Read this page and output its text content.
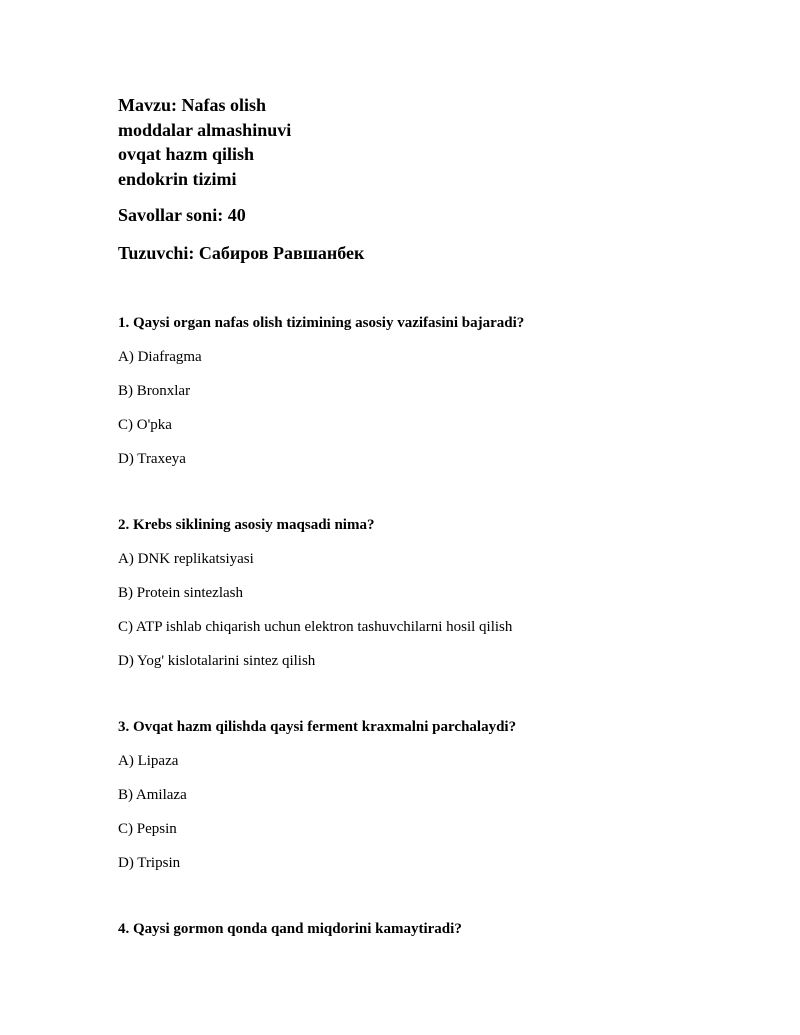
Mavzu: Nafas olish
moddalar almashinuvi
ovqat hazm qilish
endokrin tizimi
Savollar soni: 40
Tuzuvchi: Сабиров Равшанбек
1. Qaysi organ nafas olish tizimining asosiy vazifasini bajaradi?
A) Diafragma
B) Bronxlar
C) O'pka
D) Traxeya
2. Krebs siklining asosiy maqsadi nima?
A) DNK replikatsiyasi
B) Protein sintezlash
C) ATP ishlab chiqarish uchun elektron tashuvchilarni hosil qilish
D) Yog' kislotalarini sintez qilish
3. Ovqat hazm qilishda qaysi ferment kraxmalni parchalaydi?
A) Lipaza
B) Amilaza
C) Pepsin
D) Tripsin
4. Qaysi gormon qonda qand miqdorini kamaytiradi?
